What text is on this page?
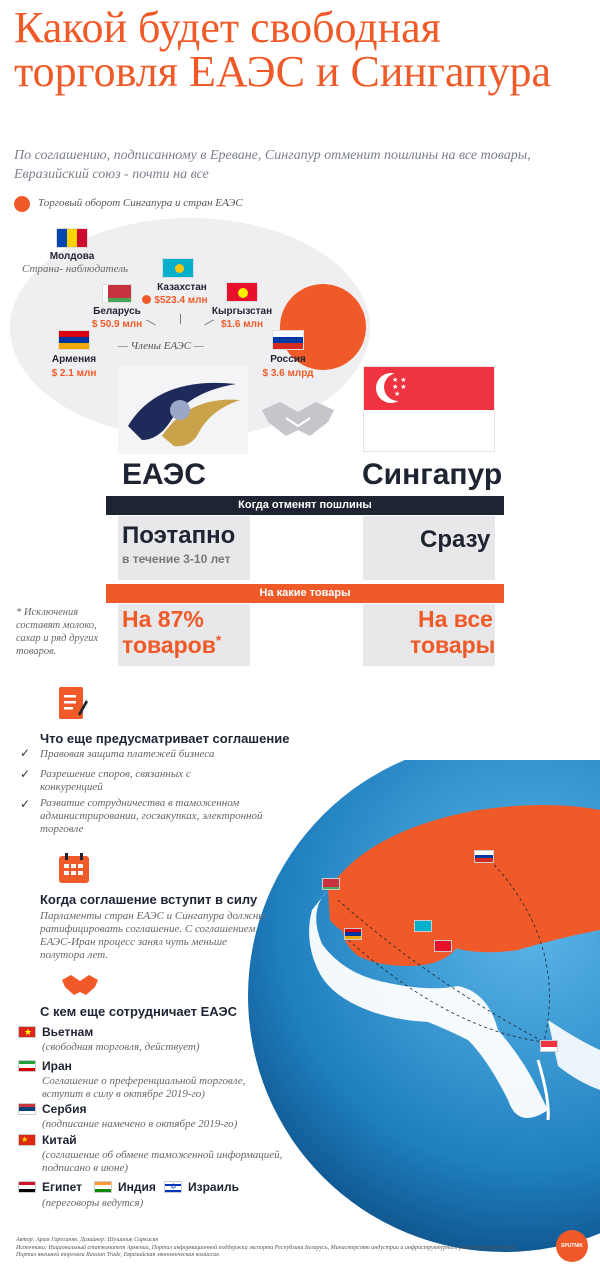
Какой будет свободная торговля ЕАЭС и Сингапура
По соглашению, подписанному в Ереване, Сингапур отменит пошлины на все товары, Евразийский союз - почти на все
Торговый оборот Сингапура и стран ЕАЭС
Молдова
Страна- наблюдатель
Казахстан
$523.4 млн
Беларусь
$ 50.9 млн
Кыргызстан
$1.6 млн
Армения
$ 2.1 млн
— Члены ЕАЭС —
Россия
$ 3.6 млрд
★ ★
★ ★
★
ЕАЭС	Сингапур
Когда отменят пошлины
Поэтапно
в течение 3-10 лет
Сразу
На какие товары
На 87%
товаров*
На все
товары
* Исключения составят молоко, сахар и ряд других товаров.
Что еще предусматривает соглашение
✓ Правовая защита платежей бизнеса
✓ Разрешение споров, связанных с конкуренцией
✓ Развитие сотрудничества в таможенном администрировании, госзакупках, электронной торговле
Когда соглашение вступит в силу
Парламенты стран ЕАЭС и Сингапура должны ратифицировать соглашение. С соглашением ЕАЭС-Иран процесс занял чуть меньше полутора лет.
С кем еще сотрудничает ЕАЭС
★ Вьетнам
(свободная торговля, действует)
Иран
Соглашение о преференциальной торговле, вступит в силу в октябре 2019-го)
Сербия
(подписание намечено в октябре 2019-го)
★ Китай
(соглашение об обмене таможенной информацией, подписано в июне)
Египет	Индия ✡ Израиль
(переговоры ведутся)
Автор: Арам Гарегинян. Дизайнер: Шушаник Саркисян
Источники: Национальный статкомитет Армении, Портал информационной поддержки экспорта Республики Беларусь, Министерство индустрии и инфраструктурного развития Казахстана, Портал внешней торговли Russian Trade, Евразийская экономическая комиссия
SPUTNIK
